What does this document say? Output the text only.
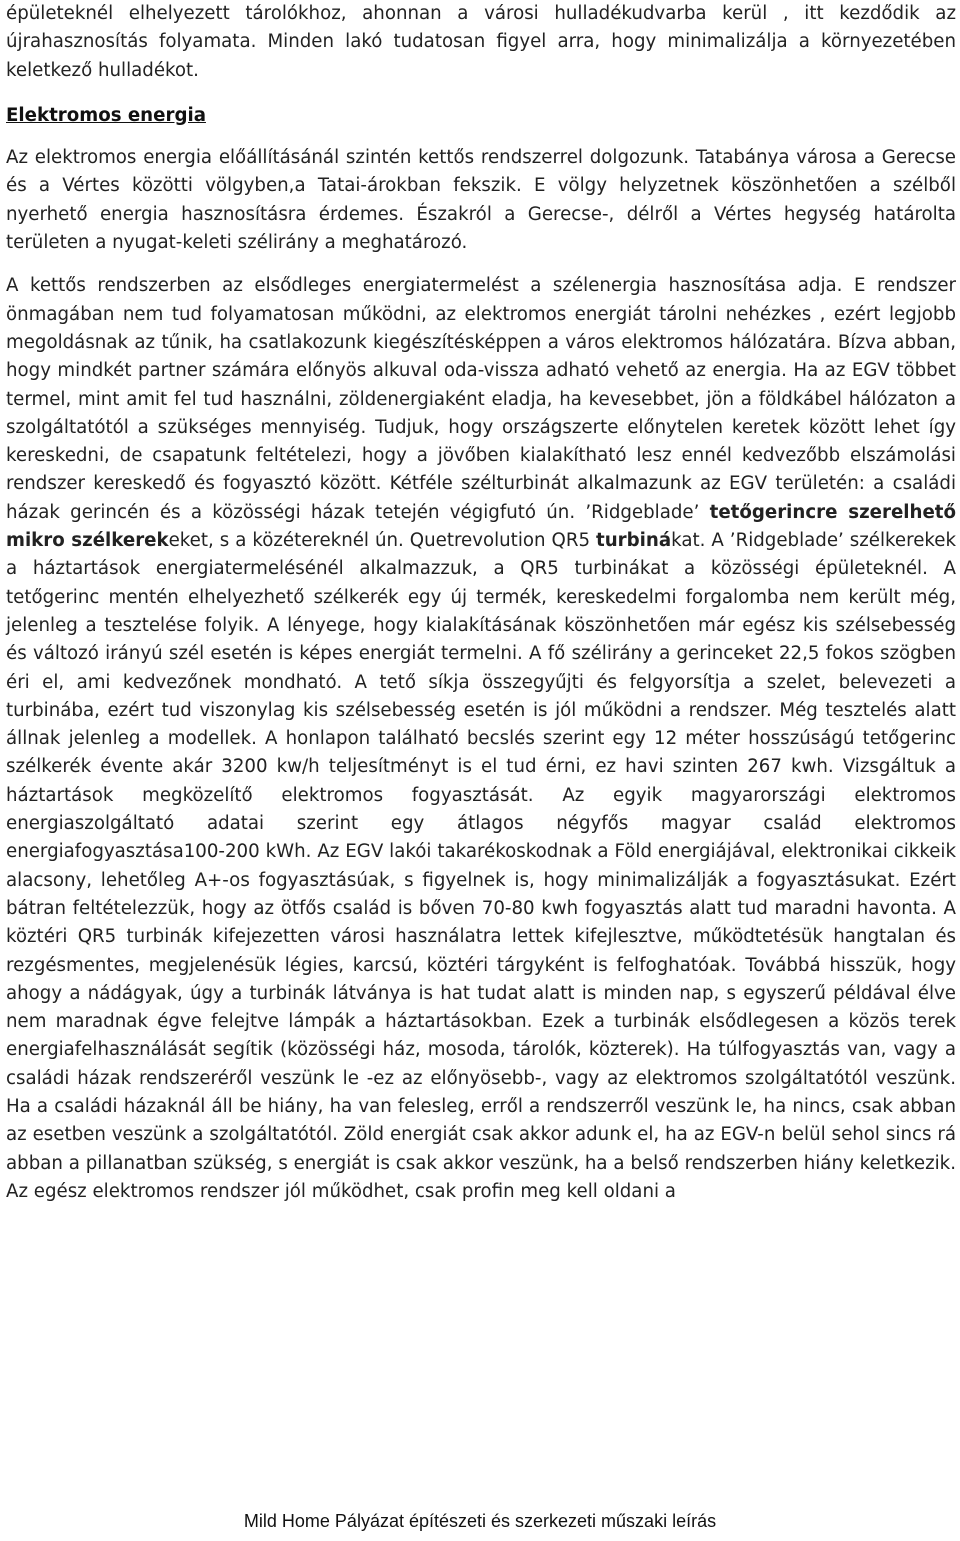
épületeknél elhelyezett tárolókhoz, ahonnan a városi hulladékudvarba kerül , itt kezdődik az újrahasznosítás folyamata. Minden lakó tudatosan figyel arra, hogy minimalizálja a környezetében keletkező hulladékot.

Elektromos energia

Az elektromos energia előállításánál szintén kettős rendszerrel dolgozunk. Tatabánya városa a Gerecse és a Vértes közötti völgyben,a Tatai-árokban fekszik. E völgy helyzetnek köszönhetően a szélből nyerhető energia hasznosításra érdemes. Északról a Gerecse-, délről a Vértes hegység határolta területen a nyugat-keleti szélirány a meghatározó.

A kettős rendszerben az elsődleges energiatermelést a szélenergia hasznosítása adja. E rendszer önmagában nem tud folyamatosan működni, az elektromos energiát tárolni nehézkes , ezért legjobb megoldásnak az tűnik, ha csatlakozunk kiegészítésképpen a város elektromos hálózatára. Bízva abban, hogy mindkét partner számára előnyös alkuval oda-vissza adható vehető az energia. Ha az EGV többet termel, mint amit fel tud használni, zöldenergiaként eladja, ha kevesebbet, jön a földkábel hálózaton a szolgáltatótól a szükséges mennyiség. Tudjuk, hogy országszerte előnytelen keretek között lehet így kereskedni, de csapatunk feltételezi, hogy a jövőben kialakítható lesz ennél kedvezőbb elszámolási rendszer kereskedő és fogyasztó között. Kétféle szélturbinát alkalmazunk az EGV területén: a családi házak gerincén és a közösségi házak tetején végigfutó ún. ’Ridgeblade’ tetőgerincre szerelhető mikro szélkerekeket, s a közétereknél ún. Quetrevolution QR5 turbinákat. A ’Ridgeblade’ szélkerekek a háztartások energiatermelésénél alkalmazzuk, a QR5 turbinákat a közösségi épületeknél. A tetőgerinc mentén elhelyezhető szélkerék egy új termék, kereskedelmi forgalomba nem került még, jelenleg a tesztelése folyik. A lényege, hogy kialakításának köszönhetően már egész kis szélsebesség és változó irányú szél esetén is képes energiát termelni. A fő szélirány a gerinceket 22,5 fokos szögben éri el, ami kedvezőnek mondható. A tető síkja összegyűjti és felgyorsítja a szelet, belevezeti a turbinába, ezért tud viszonylag kis szélsebesség esetén is jól működni a rendszer. Még tesztelés alatt állnak jelenleg a modellek. A honlapon található becslés szerint egy 12 méter hosszúságú tetőgerinc szélkerék évente akár 3200 kw/h teljesítményt is el tud érni, ez havi szinten 267 kwh. Vizsgáltuk a háztartások megközelítő elektromos fogyasztását. Az egyik magyarországi elektromos energiaszolgáltató adatai szerint egy átlagos négyfős magyar család elektromos energiafogyasztása100-200 kWh. Az EGV lakói takarékoskodnak a Föld energiájával, elektronikai cikkeik alacsony, lehetőleg A+-os fogyasztásúak, s figyelnek is, hogy minimalizálják a fogyasztásukat. Ezért bátran feltételezzük, hogy az ötfős család is bőven 70-80 kwh fogyasztás alatt tud maradni havonta. A köztéri QR5 turbinák kifejezetten városi használatra lettek kifejlesztve, működtetésük hangtalan és rezgésmentes, megjelenésük légies, karcsú, köztéri tárgyként is felfoghatóak. Továbbá hisszük, hogy ahogy a nádágyak, úgy a turbinák látványa is hat tudat alatt is minden nap, s egyszerű példával élve nem maradnak égve felejtve lámpák a háztartásokban. Ezek a turbinák elsődlegesen a közös terek energiafelhasználását segítik (közösségi ház, mosoda, tárolók, közterek). Ha túlfogyasztás van, vagy a családi házak rendszeréről veszünk le -ez az előnyösebb-, vagy az elektromos szolgáltatótól veszünk. Ha a családi házaknál áll be hiány, ha van felesleg, erről a rendszerről veszünk le, ha nincs, csak abban az esetben veszünk a szolgáltatótól. Zöld energiát csak akkor adunk el, ha az EGV-n belül sehol sincs rá abban a pillanatban szükség, s energiát is csak akkor veszünk, ha a belső rendszerben hiány keletkezik. Az egész elektromos rendszer jól működhet, csak profin meg kell oldani a

Mild Home Pályázat építészeti és szerkezeti műszaki leírás
